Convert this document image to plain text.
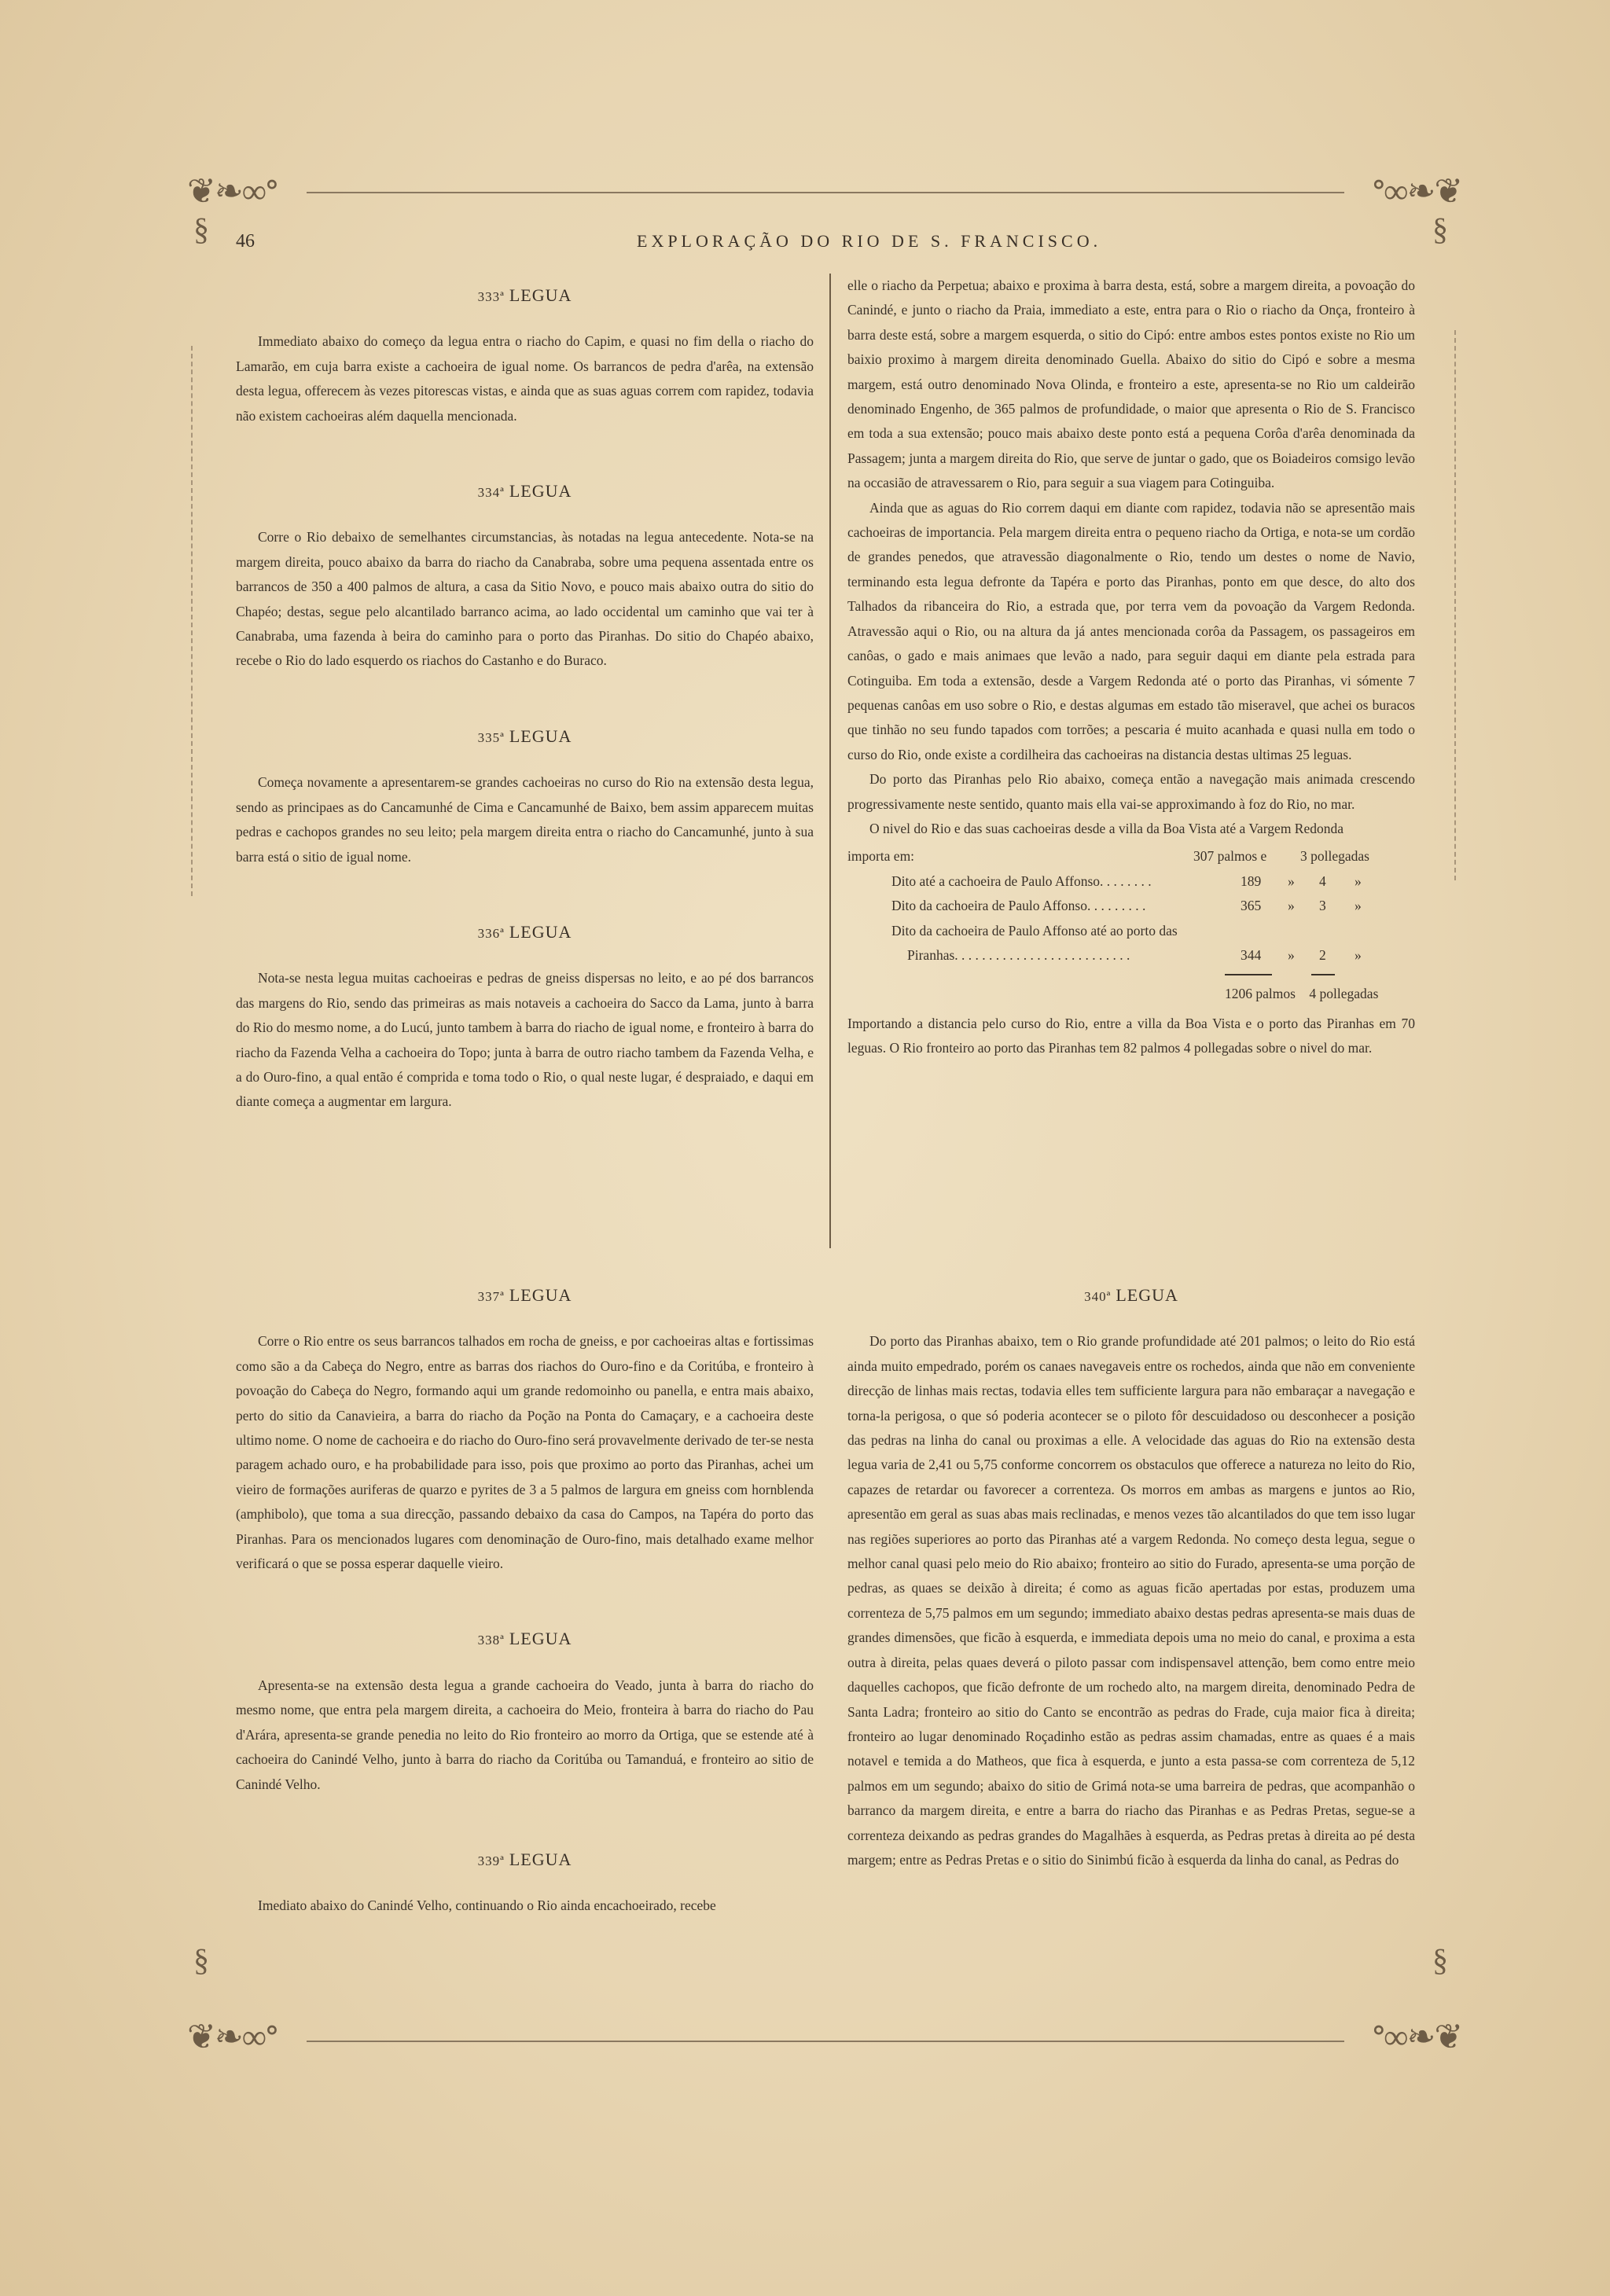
❦❧∞ᐤ	ᐤ∞❧❦
❦❧∞ᐤ	ᐤ∞❧❦
§	§
§	§
46	EXPLORAÇÃO DO RIO DE S. FRANCISCO.
333ª LEGUA

Immediato abaixo do começo da legua entra o riacho do Capim, e quasi no fim della o riacho do Lamarão, em cuja barra existe a cachoeira de igual nome. Os barrancos de pedra d'arêa, na extensão desta legua, offerecem às vezes pitorescas vistas, e ainda que as suas aguas correm com rapidez, todavia não existem cachoeiras além daquella mencionada.

334ª LEGUA

Corre o Rio debaixo de semelhantes circumstancias, às notadas na legua antecedente. Nota-se na margem direita, pouco abaixo da barra do riacho da Canabraba, sobre uma pequena assentada entre os barrancos de 350 a 400 palmos de altura, a casa da Sitio Novo, e pouco mais abaixo outra do sitio do Chapéo; destas, segue pelo alcantilado barranco acima, ao lado occidental um caminho que vai ter à Canabraba, uma fazenda à beira do caminho para o porto das Piranhas. Do sitio do Chapéo abaixo, recebe o Rio do lado esquerdo os riachos do Castanho e do Buraco.

335ª LEGUA

Começa novamente a apresentarem-se grandes cachoeiras no curso do Rio na extensão desta legua, sendo as principaes as do Cancamunhé de Cima e Cancamunhé de Baixo, bem assim apparecem muitas pedras e cachopos grandes no seu leito; pela margem direita entra o riacho do Cancamunhé, junto à sua barra está o sitio de igual nome.

336ª LEGUA

Nota-se nesta legua muitas cachoeiras e pedras de gneiss dispersas no leito, e ao pé dos barrancos das margens do Rio, sendo das primeiras as mais notaveis a cachoeira do Sacco da Lama, junto à barra do Rio do mesmo nome, a do Lucú, junto tambem à barra do riacho de igual nome, e fronteiro à barra do riacho da Fazenda Velha a cachoeira do Topo; junta à barra de outro riacho tambem da Fazenda Velha, e a do Ouro-fino, a qual então é comprida e toma todo o Rio, o qual neste lugar, é despraiado, e daqui em diante começa a augmentar em largura.

elle o riacho da Perpetua; abaixo e proxima à barra desta, está, sobre a margem direita, a povoação do Canindé, e junto o riacho da Praia, immediato a este, entra para o Rio o riacho da Onça, fronteiro à barra deste está, sobre a margem esquerda, o sitio do Cipó: entre ambos estes pontos existe no Rio um baixio proximo à margem direita denominado Guella. Abaixo do sitio do Cipó e sobre a mesma margem, está outro denominado Nova Olinda, e fronteiro a este, apresenta-se no Rio um caldeirão denominado Engenho, de 365 palmos de profundidade, o maior que apresenta o Rio de S. Francisco em toda a sua extensão; pouco mais abaixo deste ponto está a pequena Corôa d'arêa denominada da Passagem; junta a margem direita do Rio, que serve de juntar o gado, que os Boiadeiros comsigo levão na occasião de atravessarem o Rio, para seguir a sua viagem para Cotinguiba.

Ainda que as aguas do Rio correm daqui em diante com rapidez, todavia não se apresentão mais cachoeiras de importancia. Pela margem direita entra o pequeno riacho da Ortiga, e nota-se um cordão de grandes penedos, que atravessão diagonalmente o Rio, tendo um destes o nome de Navio, terminando esta legua defronte da Tapéra e porto das Piranhas, ponto em que desce, do alto dos Talhados da ribanceira do Rio, a estrada que, por terra vem da povoação da Vargem Redonda. Atravessão aqui o Rio, ou na altura da já antes mencionada corôa da Passagem, os passageiros em canôas, o gado e mais animaes que levão a nado, para seguir daqui em diante pela estrada para Cotinguiba. Em toda a extensão, desde a Vargem Redonda até o porto das Piranhas, vi sómente 7 pequenas canôas em uso sobre o Rio, e destas algumas em estado tão miseravel, que achei os buracos que tinhão no seu fundo tapados com torrões; a pescaria é muito acanhada e quasi nulla em todo o curso do Rio, onde existe a cordilheira das cachoeiras na distancia destas ultimas 25 leguas.

Do porto das Piranhas pelo Rio abaixo, começa então a navegação mais animada crescendo progressivamente neste sentido, quanto mais ella vai-se approximando à foz do Rio, no mar.

O nivel do Rio e das suas cachoeiras desde a villa da Boa Vista até a Vargem Redonda

importa em:	307 palmos e 3 pollegadas
Dito até a cachoeira de Paulo Affonso. . . . . . . .	189 » 4 »
Dito da cachoeira de Paulo Affonso. . . . . . . . .	365 » 3 »
Dito da cachoeira de Paulo Affonso até ao porto das
Piranhas. . . . . . . . . . . . . . . . . . . . . . . . . .	344 » 2 »
1206 palmos    4 pollegadas

Importando a distancia pelo curso do Rio, entre a villa da Boa Vista e o porto das Piranhas em 70 leguas. O Rio fronteiro ao porto das Piranhas tem 82 palmos 4 pollegadas sobre o nivel do mar.

337ª LEGUA

Corre o Rio entre os seus barrancos talhados em rocha de gneiss, e por cachoeiras altas e fortissimas como são a da Cabeça do Negro, entre as barras dos riachos do Ouro-fino e da Coritúba, e fronteiro à povoação do Cabeça do Negro, formando aqui um grande redomoinho ou panella, e entra mais abaixo, perto do sitio da Canavieira, a barra do riacho da Poção na Ponta do Camaçary, e a cachoeira deste ultimo nome. O nome de cachoeira e do riacho do Ouro-fino será provavelmente derivado de ter-se nesta paragem achado ouro, e ha probabilidade para isso, pois que proximo ao porto das Piranhas, achei um vieiro de formações auriferas de quarzo e pyrites de 3 a 5 palmos de largura em gneiss com hornblenda (amphibolo), que toma a sua direcção, passando debaixo da casa do Campos, na Tapéra do porto das Piranhas. Para os mencionados lugares com denominação de Ouro-fino, mais detalhado exame melhor verificará o que se possa esperar daquelle vieiro.

338ª LEGUA

Apresenta-se na extensão desta legua a grande cachoeira do Veado, junta à barra do riacho do mesmo nome, que entra pela margem direita, a cachoeira do Meio, fronteira à barra do riacho do Pau d'Arára, apresenta-se grande penedia no leito do Rio fronteiro ao morro da Ortiga, que se estende até à cachoeira do Canindé Velho, junto à barra do riacho da Coritúba ou Tamanduá, e fronteiro ao sitio de Canindé Velho.

339ª LEGUA

Imediato abaixo do Canindé Velho, continuando o Rio ainda encachoeirado, recebe

340ª LEGUA

Do porto das Piranhas abaixo, tem o Rio grande profundidade até 201 palmos; o leito do Rio está ainda muito empedrado, porém os canaes navegaveis entre os rochedos, ainda que não em conveniente direcção de linhas mais rectas, todavia elles tem sufficiente largura para não embaraçar a navegação e torna-la perigosa, o que só poderia acontecer se o piloto fôr descuidadoso ou desconhecer a posição das pedras na linha do canal ou proximas a elle. A velocidade das aguas do Rio na extensão desta legua varia de 2,41 ou 5,75 conforme concorrem os obstaculos que offerece a natureza no leito do Rio, capazes de retardar ou favorecer a correnteza. Os morros em ambas as margens e juntos ao Rio, apresentão em geral as suas abas mais reclinadas, e menos vezes tão alcantilados do que tem isso lugar nas regiões superiores ao porto das Piranhas até a vargem Redonda. No começo desta legua, segue o melhor canal quasi pelo meio do Rio abaixo; fronteiro ao sitio do Furado, apresenta-se uma porção de pedras, as quaes se deixão à direita; é como as aguas ficão apertadas por estas, produzem uma correnteza de 5,75 palmos em um segundo; immediato abaixo destas pedras apresenta-se mais duas de grandes dimensões, que ficão à esquerda, e immediata depois uma no meio do canal, e proxima a esta outra à direita, pelas quaes deverá o piloto passar com indispensavel attenção, bem como entre meio daquelles cachopos, que ficão defronte de um rochedo alto, na margem direita, denominado Pedra de Santa Ladra; fronteiro ao sitio do Canto se encontrão as pedras do Frade, cuja maior fica à direita; fronteiro ao lugar denominado Roçadinho estão as pedras assim chamadas, entre as quaes é a mais notavel e temida a do Matheos, que fica à esquerda, e junto a esta passa-se com correnteza de 5,12 palmos em um segundo; abaixo do sitio de Grimá nota-se uma barreira de pedras, que acompanhão o barranco da margem direita, e entre a barra do riacho das Piranhas e as Pedras Pretas, segue-se a correnteza deixando as pedras grandes do Magalhães à esquerda, as Pedras pretas à direita ao pé desta margem; entre as Pedras Pretas e o sitio do Sinimbú ficão à esquerda da linha do canal, as Pedras do
